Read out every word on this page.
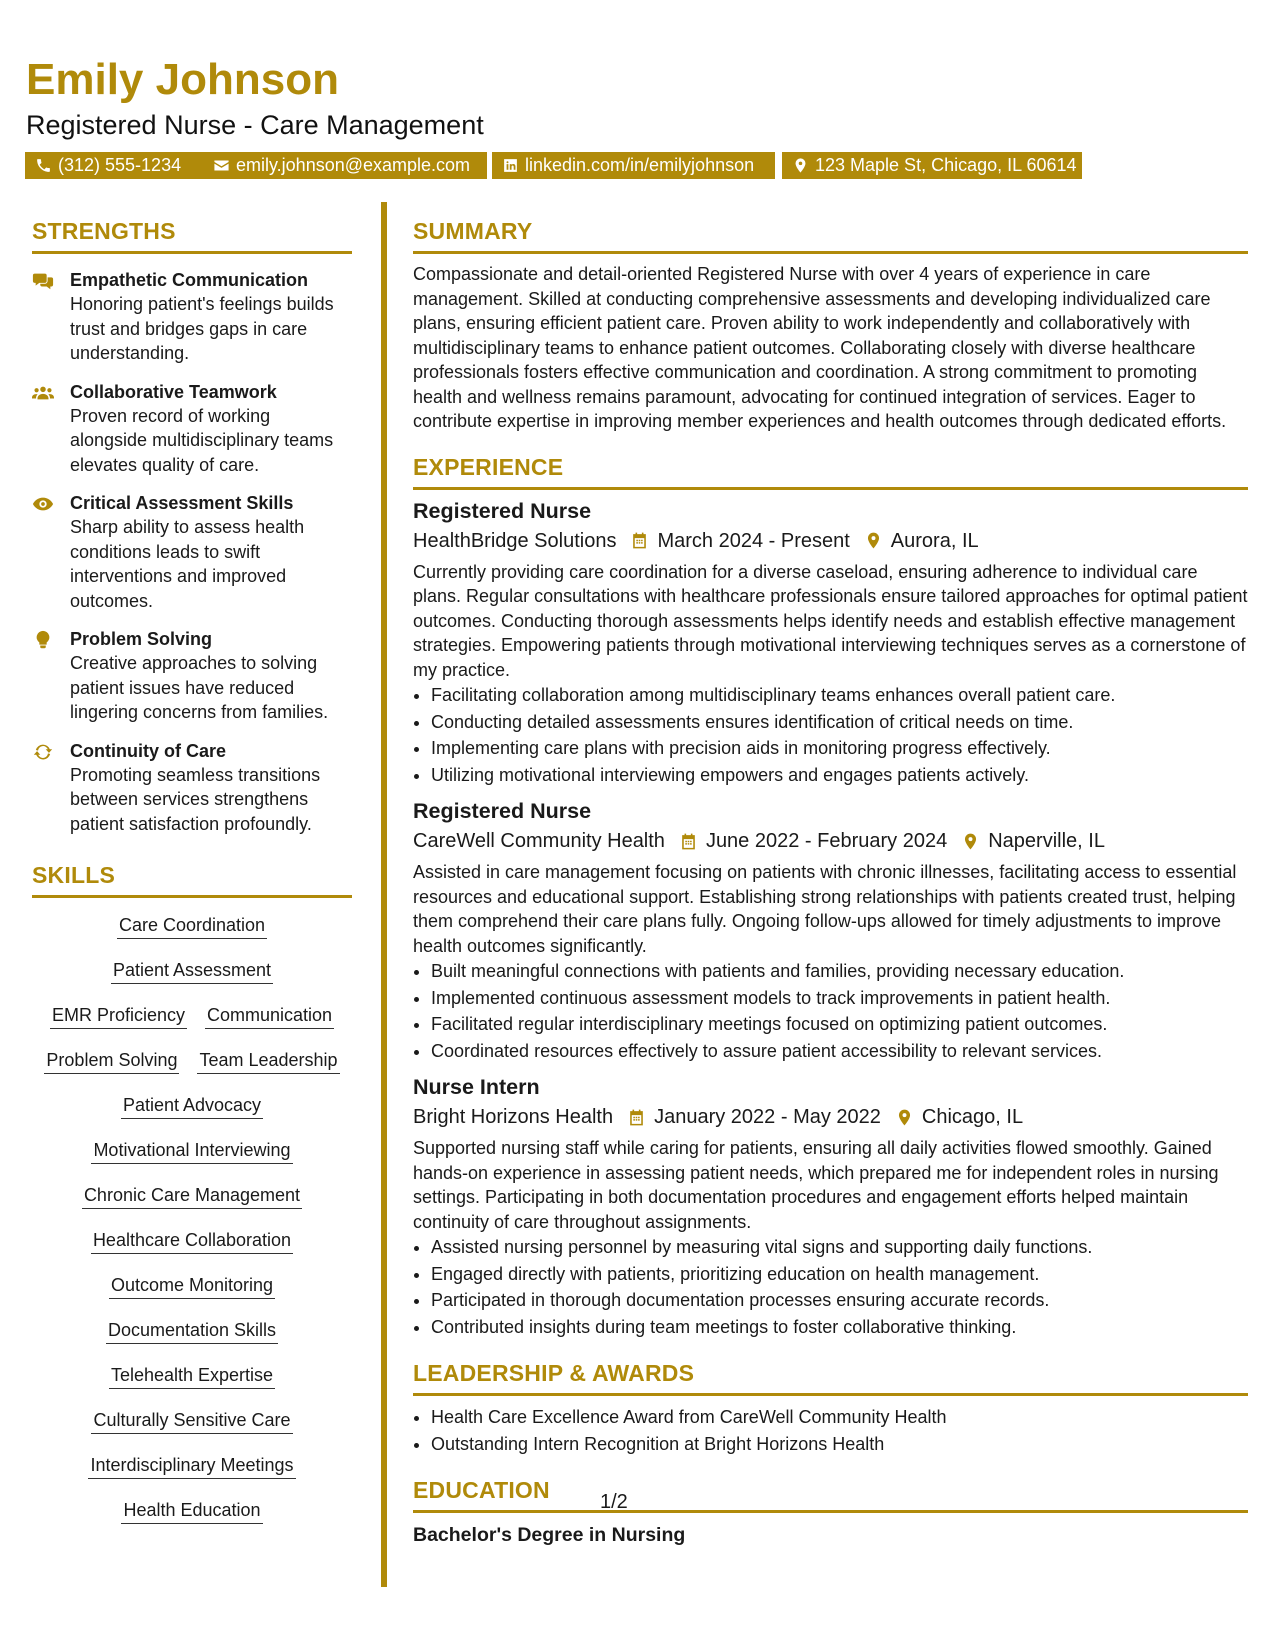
Emily Johnson
Registered Nurse - Care Management
(312) 555-1234	emily.johnson@example.com	linkedin.com/in/emilyjohnson	123 Maple St, Chicago, IL 60614
STRENGTHS
Empathetic Communication
Honoring patient's feelings builds trust and bridges gaps in care understanding.
Collaborative Teamwork
Proven record of working alongside multidisciplinary teams elevates quality of care.
Critical Assessment Skills
Sharp ability to assess health conditions leads to swift interventions and improved outcomes.
Problem Solving
Creative approaches to solving patient issues have reduced lingering concerns from families.
Continuity of Care
Promoting seamless transitions between services strengthens patient satisfaction profoundly.
SKILLS
Care Coordination
Patient Assessment
EMR Proficiency Communication
Problem Solving Team Leadership
Patient Advocacy
Motivational Interviewing
Chronic Care Management
Healthcare Collaboration
Outcome Monitoring
Documentation Skills
Telehealth Expertise
Culturally Sensitive Care
Interdisciplinary Meetings
Health Education
SUMMARY
Compassionate and detail-oriented Registered Nurse with over 4 years of experience in care management. Skilled at conducting comprehensive assessments and developing individualized care plans, ensuring efficient patient care. Proven ability to work independently and collaboratively with multidisciplinary teams to enhance patient outcomes. Collaborating closely with diverse healthcare professionals fosters effective communication and coordination. A strong commitment to promoting health and wellness remains paramount, advocating for continued integration of services. Eager to contribute expertise in improving member experiences and health outcomes through dedicated efforts.
EXPERIENCE
Registered Nurse
HealthBridge Solutions March 2024 - Present Aurora, IL
Currently providing care coordination for a diverse caseload, ensuring adherence to individual care plans. Regular consultations with healthcare professionals ensure tailored approaches for optimal patient outcomes. Conducting thorough assessments helps identify needs and establish effective management strategies. Empowering patients through motivational interviewing techniques serves as a cornerstone of my practice.
• Facilitating collaboration among multidisciplinary teams enhances overall patient care.
• Conducting detailed assessments ensures identification of critical needs on time.
• Implementing care plans with precision aids in monitoring progress effectively.
• Utilizing motivational interviewing empowers and engages patients actively.
Registered Nurse
CareWell Community Health June 2022 - February 2024 Naperville, IL
Assisted in care management focusing on patients with chronic illnesses, facilitating access to essential resources and educational support. Establishing strong relationships with patients created trust, helping them comprehend their care plans fully. Ongoing follow-ups allowed for timely adjustments to improve health outcomes significantly.
• Built meaningful connections with patients and families, providing necessary education.
• Implemented continuous assessment models to track improvements in patient health.
• Facilitated regular interdisciplinary meetings focused on optimizing patient outcomes.
• Coordinated resources effectively to assure patient accessibility to relevant services.
Nurse Intern
Bright Horizons Health January 2022 - May 2022 Chicago, IL
Supported nursing staff while caring for patients, ensuring all daily activities flowed smoothly. Gained hands-on experience in assessing patient needs, which prepared me for independent roles in nursing settings. Participating in both documentation procedures and engagement efforts helped maintain continuity of care throughout assignments.
• Assisted nursing personnel by measuring vital signs and supporting daily functions.
• Engaged directly with patients, prioritizing education on health management.
• Participated in thorough documentation processes ensuring accurate records.
• Contributed insights during team meetings to foster collaborative thinking.
LEADERSHIP & AWARDS
• Health Care Excellence Award from CareWell Community Health
• Outstanding Intern Recognition at Bright Horizons Health
EDUCATION
Bachelor's Degree in Nursing
1/2
